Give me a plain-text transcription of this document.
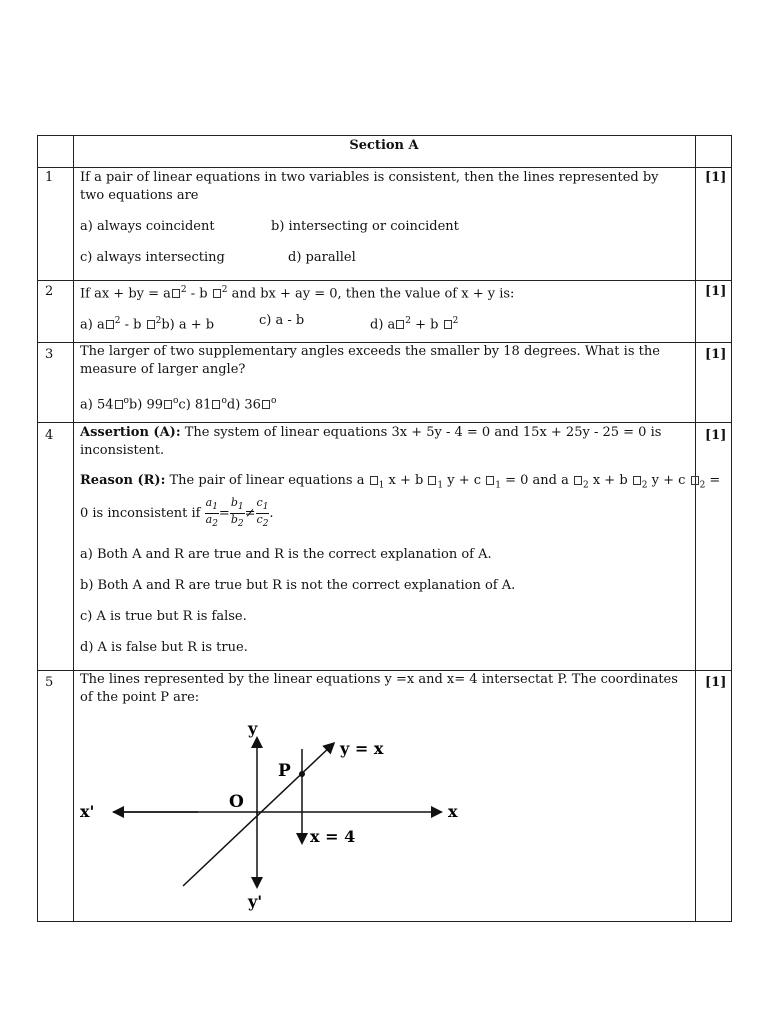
Section A
1	[1]
If a pair of linear equations in two variables is consistent, then the lines represented by two equations are
a) always coincident	b) intersecting or coincident
c) always intersecting	d) parallel
2	[1]
If ax + by = a $^2$ - b $^2$ and bx + ay = 0, then the value of x + y is:
a) a $^2$ - b $^2$b) a + b	c) a - b	d) a $^2$ + b $^2$
3	[1]
The larger of two supplementary angles exceeds the smaller by 18 degrees. What is the measure of larger angle?
a) 54 $^o$b) 99 $^o$c) 81 $^o$d) 36 $^o$
4	[1]
Assertion (A): The system of linear equations 3x + 5y - 4 = 0 and 15x + 25y - 25 = 0 is inconsistent.
Reason (R): The pair of linear equations a $_1$ x + b $_1$ y + c $_1$ = 0 and a $_2$ x + b $_2$ y + c $_2$ =
0 is inconsistent if $\frac{a_1}{a_2} = \frac{b_1}{b_2} \ne \frac{c_1}{c_2}$ .
a) Both A and R are true and R is the correct explanation of A.
b) Both A and R are true but R is not the correct explanation of A.
c) A is true but R is false.
d) A is false but R is true.
5	[1]
The lines represented by the linear equations y =x and x= 4 intersectat P. The coordinates of the point P are:
y
y'
x
x'	O
P
y = x
x = 4
